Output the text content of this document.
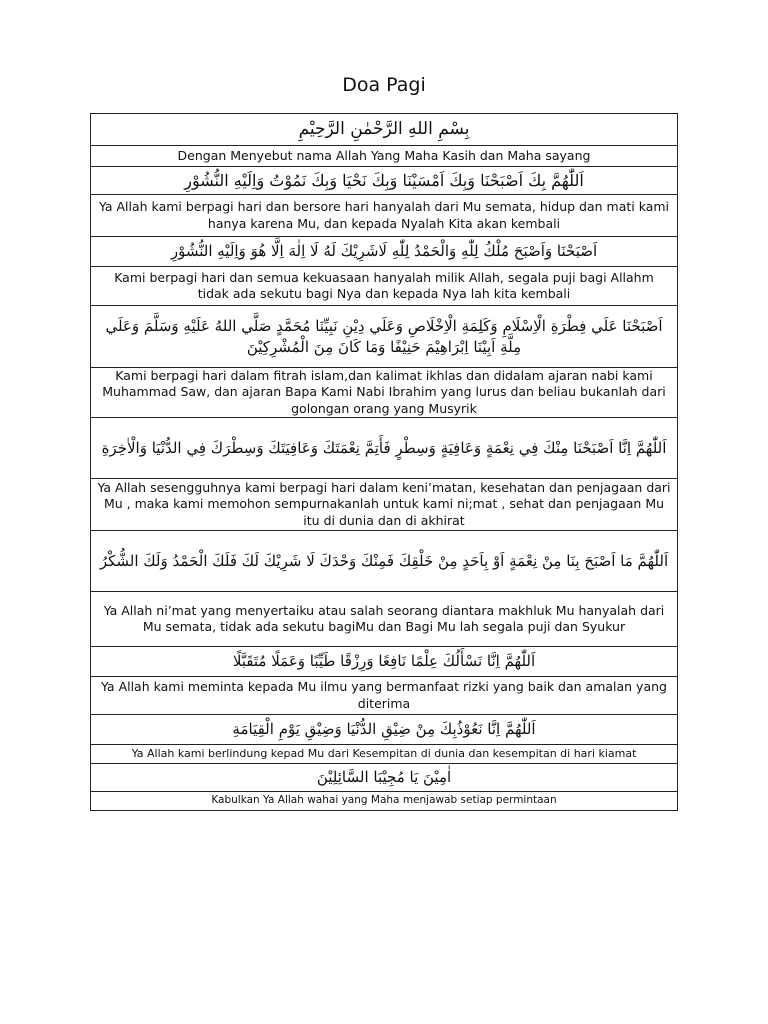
Doa Pagi
بِسْمِ اللهِ الرَّحْمٰنِ الرَّحِيْمِ
Dengan Menyebut nama Allah Yang Maha Kasih dan Maha sayang
اَللّٰهُمَّ بِكَ اَصْبَحْنَا وَبِكَ اَمْسَيْنَا وَبِكَ نَحْيَا وَبِكَ نَمُوْتُ وَاِلَيْهِ النُّشُوْرِ
Ya Allah kami berpagi hari dan bersore hari hanyalah dari Mu semata, hidup dan mati kami hanya karena Mu, dan kepada Nyalah Kita akan kembali
اَصْبَحْنَا وَاَصْبَحَ مُلْكُ لِلّٰهِ وَالْحَمْدُ لِلّٰهِ لَاشَرِيْكَ لَهُ لَا اِلٰهَ اِلَّا هُوَ وَاِلَيْهِ النُّشُوْرِ
Kami berpagi hari dan semua kekuasaan hanyalah milik Allah, segala puji bagi Allahm tidak ada sekutu bagi Nya dan kepada Nya lah kita kembali
اَصْبَحْنَا عَلَي فِطْرَةِ الْاِسْلَامِ وَكَلِمَةِ الْاِخْلَاصِ وَعَلَي دِيْنِ نَبِيِّنَا مُحَمَّدٍ صَلَّي اللهُ عَلَيْهِ وَسَلَّمَ وَعَلَي مِلَّةِ اَبِيْنَا اِبْرَاهِيْمَ حَنِيْفًا وَمَا كَانَ مِنَ الْمُشْرِكِيْنَ
Kami berpagi hari dalam fitrah islam,dan kalimat ikhlas dan didalam ajaran nabi kami Muhammad Saw, dan ajaran Bapa Kami Nabi Ibrahim yang lurus dan beliau bukanlah dari golongan orang yang Musyrik
اَللّٰهُمَّ اِنَّا اَصْبَحْنَا مِنْكَ فِي نِعْمَةٍ وَعَافِيَةٍ وَسِطْرٍ فَأَتِمَّ نِعْمَتَكَ وَعَافِيَتَكَ وَسِطْرَكَ فِي الدُّنْيَا وَالْاٰخِرَةِ
Ya Allah sesengguhnya kami berpagi hari dalam keni’matan, kesehatan dan penjagaan dari Mu , maka kami memohon sempurnakanlah untuk kami ni;mat , sehat dan penjagaan Mu itu di dunia dan di akhirat
اَللّٰهُمَّ مَا اَصْبَحَ بِنَا مِنْ نِعْمَةٍ اَوْ بِاَحَدٍ مِنْ خَلْقِكَ فَمِنْكَ وَحْدَكَ لَا شَرِيْكَ لَكَ فَلَكَ الْحَمْدُ وَلَكَ الشُّكْرُ
Ya Allah ni’mat yang menyertaiku atau salah seorang diantara makhluk Mu hanyalah dari Mu semata, tidak ada sekutu bagiMu dan Bagi Mu lah segala puji dan Syukur
اَللّٰهُمَّ اِنَّا نَسْأَلُكَ عِلْمًا نَافِعًا وَرِزْقًا طَيِّبًا وَعَمَلًا مُتَقَبَّلًا
Ya Allah kami meminta kepada Mu ilmu yang bermanfaat rizki yang baik dan amalan yang diterima
اَللّٰهُمَّ اِنَّا نَعُوْذُبِكَ مِنْ ضِيْقِ الدُّنْيَا وَضِيْقِ يَوْمِ الْقِيَامَةِ
Ya Allah kami berlindung kepad Mu dari Kesempitan di dunia dan kesempitan di hari kiamat
اٰمِيْنَ يَا مُجِيْبَا السَّائِلِيْنَ
Kabulkan Ya Allah wahai yang Maha menjawab setiap permintaan
